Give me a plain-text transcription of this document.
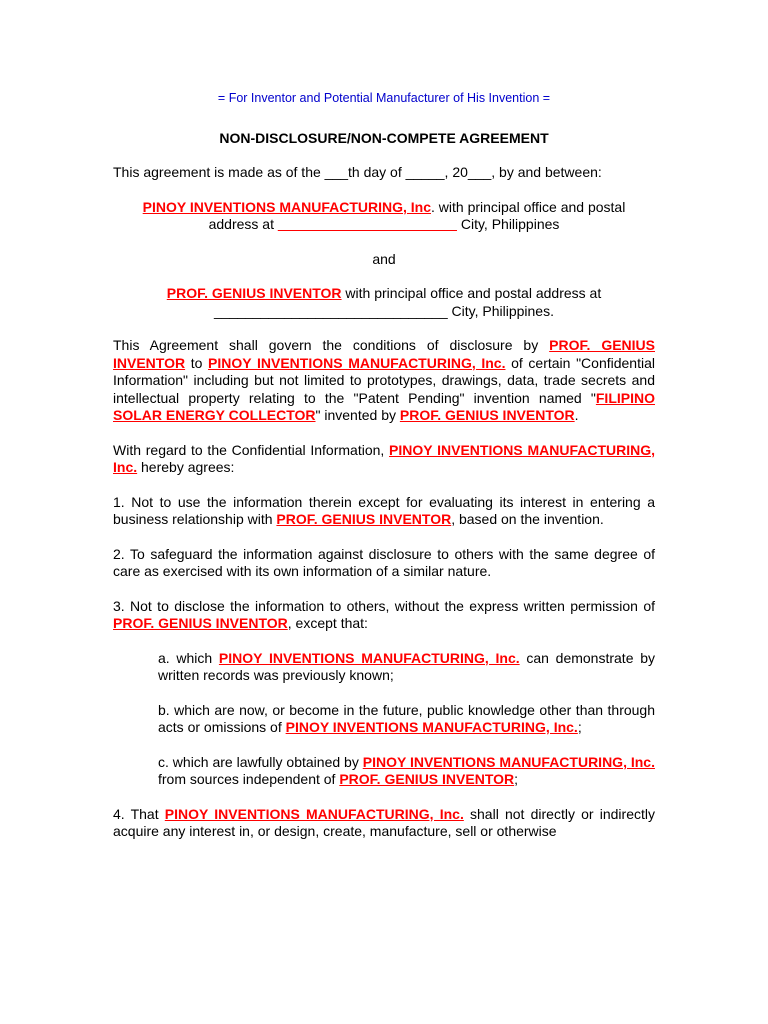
= For Inventor and Potential Manufacturer of His Invention =

NON-DISCLOSURE/NON-COMPETE AGREEMENT

This agreement is made as of the ___th day of _____, 20___, by and between:

PINOY INVENTIONS MANUFACTURING, Inc. with principal office and postal
address at _______________________ City, Philippines

and

PROF. GENIUS INVENTOR with principal office and postal address at
______________________________ City, Philippines.

This Agreement shall govern the conditions of disclosure by PROF. GENIUS INVENTOR to PINOY INVENTIONS MANUFACTURING, Inc. of certain "Confidential Information" including but not limited to prototypes, drawings, data, trade secrets and intellectual property relating to the "Patent Pending" invention named "FILIPINO SOLAR ENERGY COLLECTOR" invented by PROF. GENIUS INVENTOR.

With regard to the Confidential Information, PINOY INVENTIONS MANUFACTURING, Inc. hereby agrees:

1. Not to use the information therein except for evaluating its interest in entering a business relationship with PROF. GENIUS INVENTOR, based on the invention.

2. To safeguard the information against disclosure to others with the same degree of care as exercised with its own information of a similar nature.

3. Not to disclose the information to others, without the express written permission of PROF. GENIUS INVENTOR, except that:

a. which PINOY INVENTIONS MANUFACTURING, Inc. can demonstrate by written records was previously known;

b. which are now, or become in the future, public knowledge other than through acts or omissions of PINOY INVENTIONS MANUFACTURING, Inc.;

c. which are lawfully obtained by PINOY INVENTIONS MANUFACTURING, Inc. from sources independent of PROF. GENIUS INVENTOR;

4. That PINOY INVENTIONS MANUFACTURING, Inc. shall not directly or indirectly acquire any interest in, or design, create, manufacture, sell or otherwise
